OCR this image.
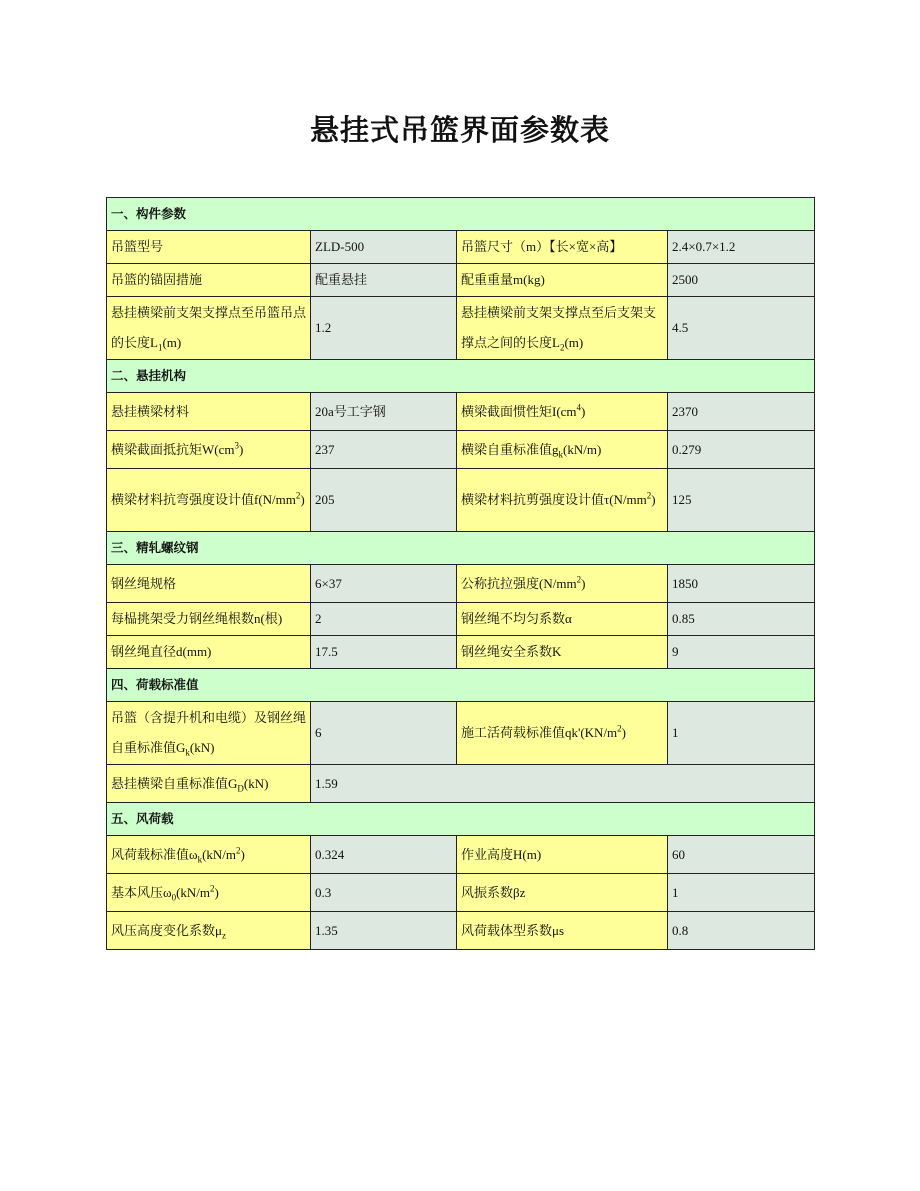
悬挂式吊篮界面参数表
一、构件参数			
吊篮型号	ZLD-500	吊篮尺寸（m）【长×宽×高】	2.4×0.7×1.2
吊篮的锚固措施	配重悬挂	配重重量m(kg)	2500
悬挂横梁前支架支撑点至吊篮吊点的长度$L_1(m)$	1.2	悬挂横梁前支架支撑点至后支架支撑点之间的长度$L_2(m)$	4.5
二、悬挂机构			
悬挂横梁材料	20a号工字钢	横梁截面惯性矩$I(cm^4)$	2370
横梁截面抵抗矩$W(cm^3)$	237	横梁自重标准值$g_k(kN/m)$	0.279
横梁材料抗弯强度设计值$f(N/mm^2)$	205	横梁材料抗剪强度设计值$\tau(N/mm^2)$	125
三、精轧螺纹钢			
钢丝绳规格	6×37	公称抗拉强度$(N/mm^2)$	1850
每榀挑架受力钢丝绳根数n(根)	2	钢丝绳不均匀系数α	0.85
钢丝绳直径d(mm)	17.5	钢丝绳安全系数K	9
四、荷载标准值			
吊篮（含提升机和电缆）及钢丝绳自重标准值$G_k(kN)$	6	施工活荷载标准值$qk'(KN/m^2)$	1
悬挂横梁自重标准值$G_D(kN)$	1.59		
五、风荷载			
风荷载标准值$\omega_k(kN/m^2)$	0.324	作业高度H(m)	60
基本风压$\omega_0(kN/m^2)$	0.3	风振系数βz	1
风压高度变化系数$\mu_z$	1.35	风荷载体型系数μs	0.8
